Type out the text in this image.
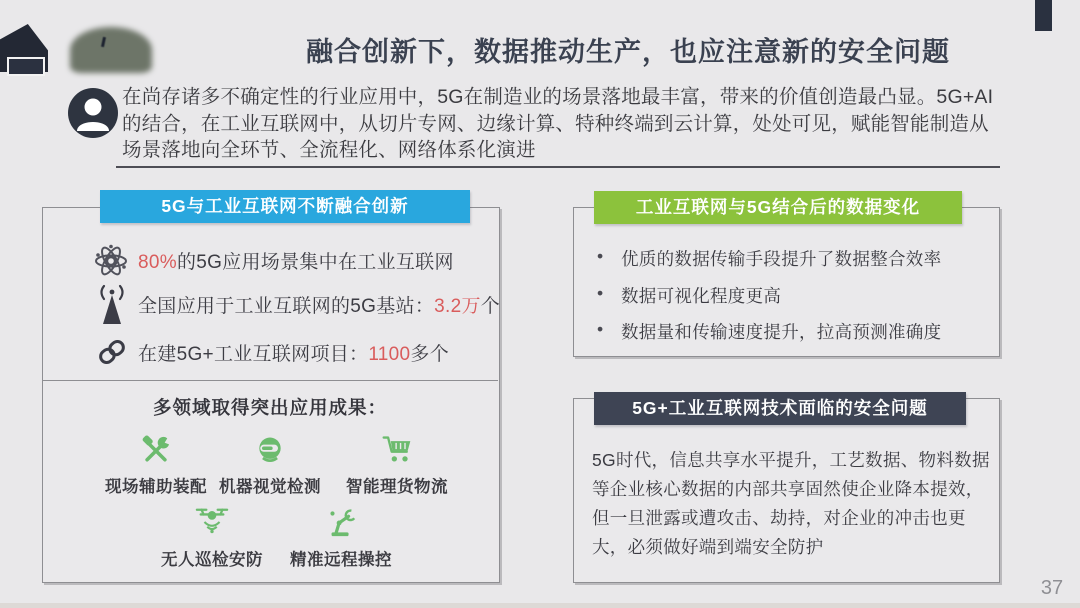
融合创新下，数据推动生产，也应注意新的安全问题
在尚存诸多不确定性的行业应用中，5G在制造业的场景落地最丰富，带来的价值创造最凸显。5G+AI的结合，在工业互联网中，从切片专网、边缘计算、特种终端到云计算，处处可见，赋能智能制造从场景落地向全环节、全流程化、网络体系化演进
5G与工业互联网不断融合创新
80%的5G应用场景集中在工业互联网
全国应用于工业互联网的5G基站：3.2万个
在建5G+工业互联网项目：1100多个
多领域取得突出应用成果：
现场辅助装配 机器视觉检测 智能理货物流
无人巡检安防 精准远程操控
工业互联网与5G结合后的数据变化
•	优质的数据传输手段提升了数据整合效率
•	数据可视化程度更高
•	数据量和传输速度提升，拉高预测准确度
5G+工业互联网技术面临的安全问题
5G时代，信息共享水平提升，工艺数据、物料数据等企业核心数据的内部共享固然使企业降本提效，但一旦泄露或遭攻击、劫持，对企业的冲击也更大，必须做好端到端安全防护
37
